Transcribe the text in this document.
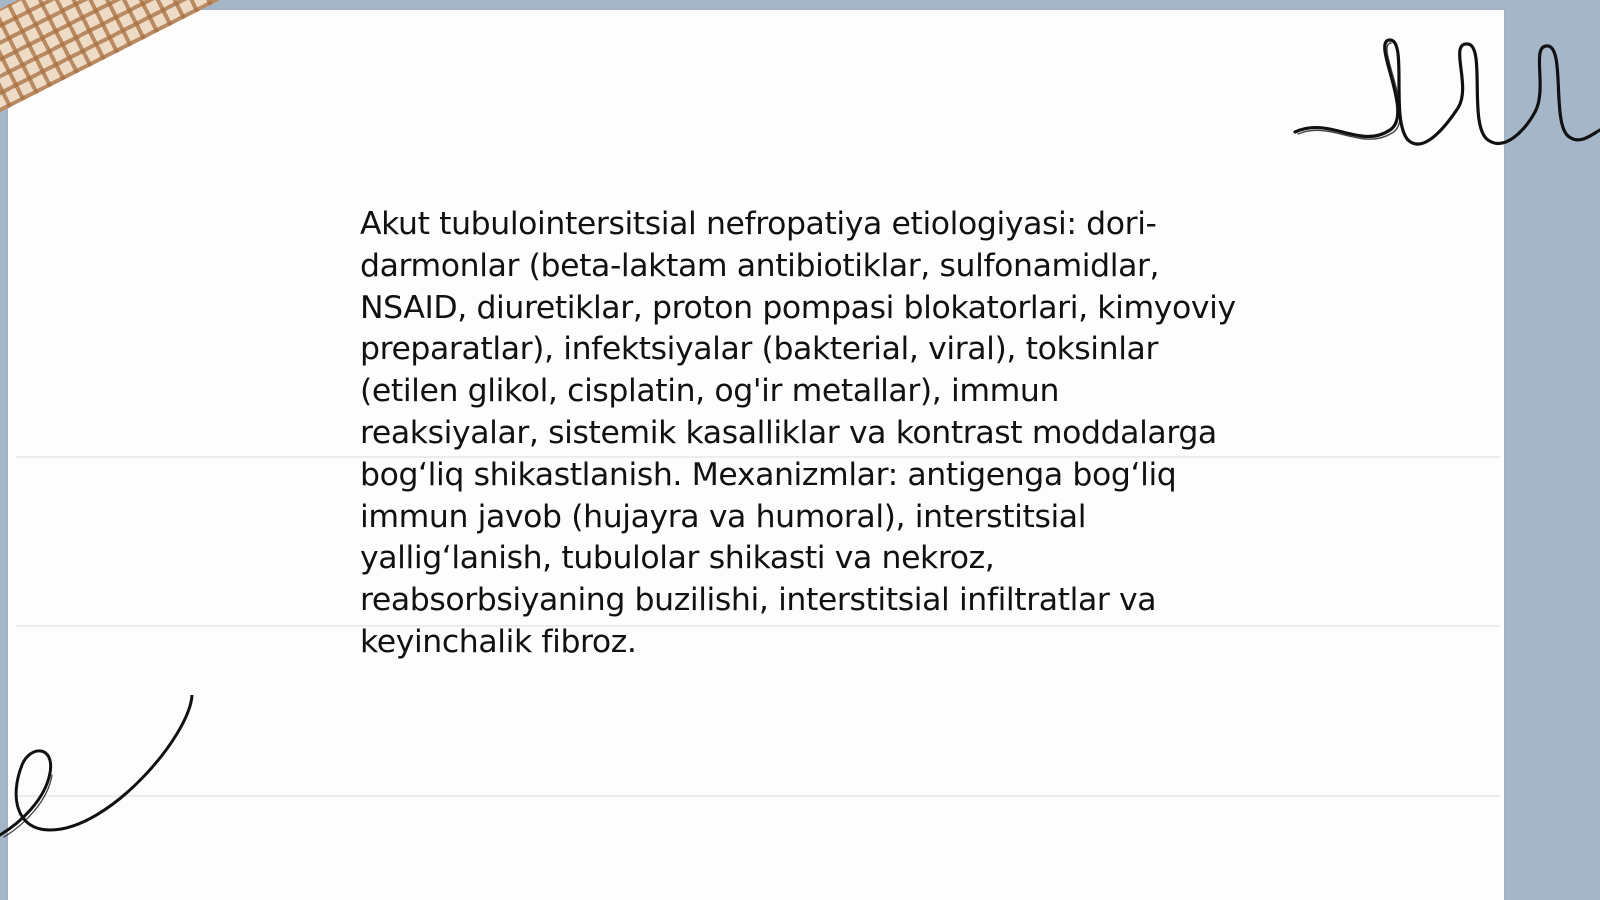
Akut tubulointersitsial nefropatiya etiologiyasi: dori-darmonlar (beta-laktam antibiotiklar, sulfonamidlar, NSAID, diuretiklar, proton pompasi blokatorlari, kimyoviy preparatlar), infektsiyalar (bakterial, viral), toksinlar (etilen glikol, cisplatin, og'ir metallar), immun reaksiyalar, sistemik kasalliklar va kontrast moddalarga bog‘liq shikastlanish. Mexanizmlar: antigenga bog‘liq immun javob (hujayra va humoral), interstitsial yallig‘lanish, tubulolar shikasti va nekroz, reabsorbsiyaning buzilishi, interstitsial infiltratlar va keyinchalik fibroz.
